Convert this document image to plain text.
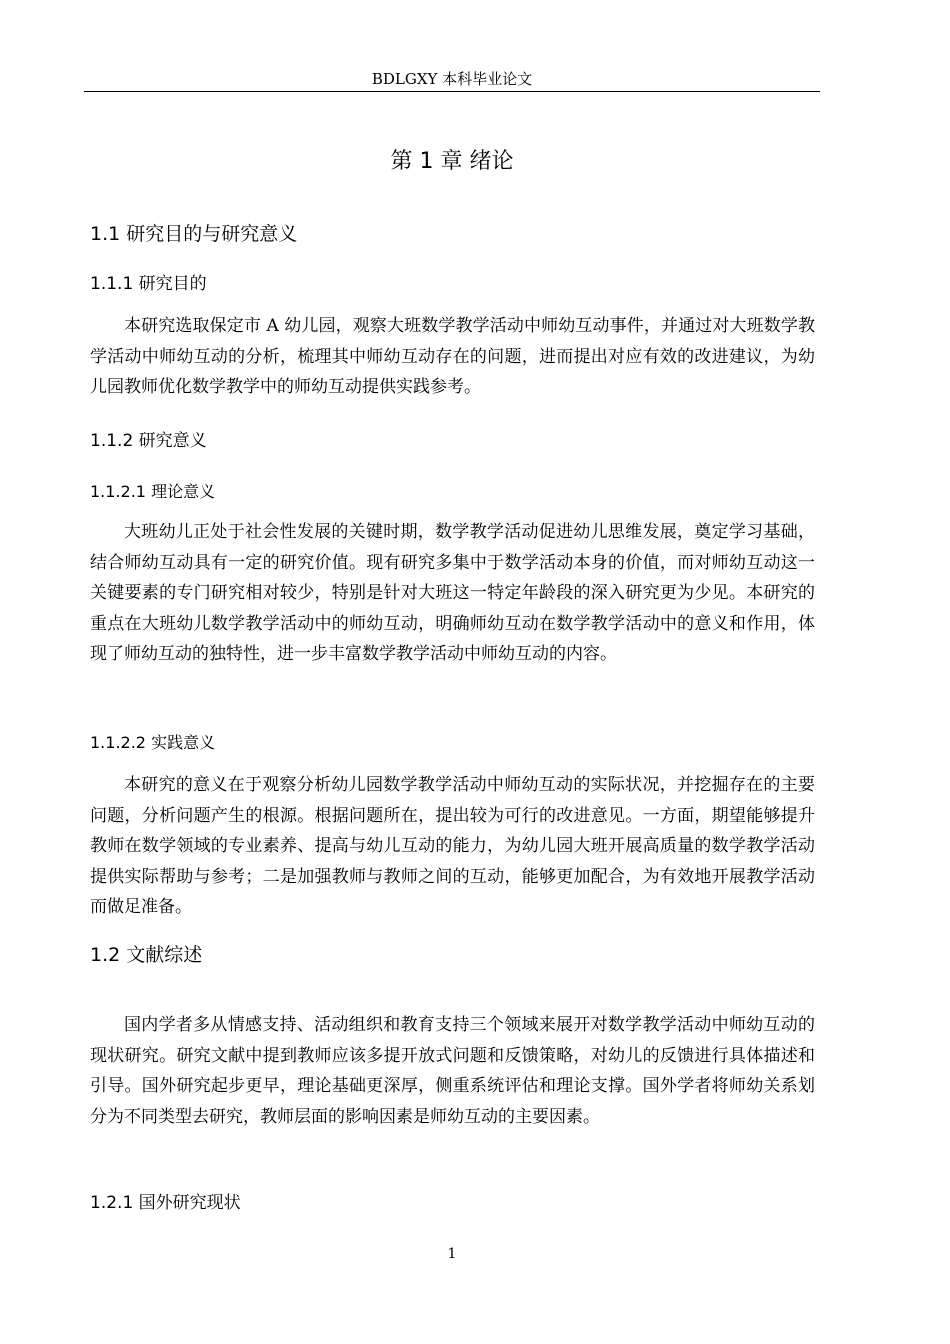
BDLGXY 本科毕业论文
第 1 章 绪论
1.1 研究目的与研究意义
1.1.1 研究目的
本研究选取保定市 A 幼儿园，观察大班数学教学活动中师幼互动事件，并通过对大班数学教学活动中师幼互动的分析，梳理其中师幼互动存在的问题，进而提出对应有效的改进建议，为幼儿园教师优化数学教学中的师幼互动提供实践参考。
1.1.2 研究意义
1.1.2.1 理论意义
大班幼儿正处于社会性发展的关键时期，数学教学活动促进幼儿思维发展，奠定学习基础，结合师幼互动具有一定的研究价值。现有研究多集中于数学活动本身的价值，而对师幼互动这一关键要素的专门研究相对较少，特别是针对大班这一特定年龄段的深入研究更为少见。本研究的重点在大班幼儿数学教学活动中的师幼互动，明确师幼互动在数学教学活动中的意义和作用，体现了师幼互动的独特性，进一步丰富数学教学活动中师幼互动的内容。
1.1.2.2 实践意义
本研究的意义在于观察分析幼儿园数学教学活动中师幼互动的实际状况，并挖掘存在的主要问题，分析问题产生的根源。根据问题所在，提出较为可行的改进意见。一方面，期望能够提升教师在数学领域的专业素养、提高与幼儿互动的能力，为幼儿园大班开展高质量的数学教学活动提供实际帮助与参考；二是加强教师与教师之间的互动，能够更加配合，为有效地开展教学活动而做足准备。
1.2 文献综述
国内学者多从情感支持、活动组织和教育支持三个领域来展开对数学教学活动中师幼互动的现状研究。研究文献中提到教师应该多提开放式问题和反馈策略，对幼儿的反馈进行具体描述和引导。国外研究起步更早，理论基础更深厚，侧重系统评估和理论支撑。国外学者将师幼关系划分为不同类型去研究，教师层面的影响因素是师幼互动的主要因素。
1.2.1 国外研究现状
1
